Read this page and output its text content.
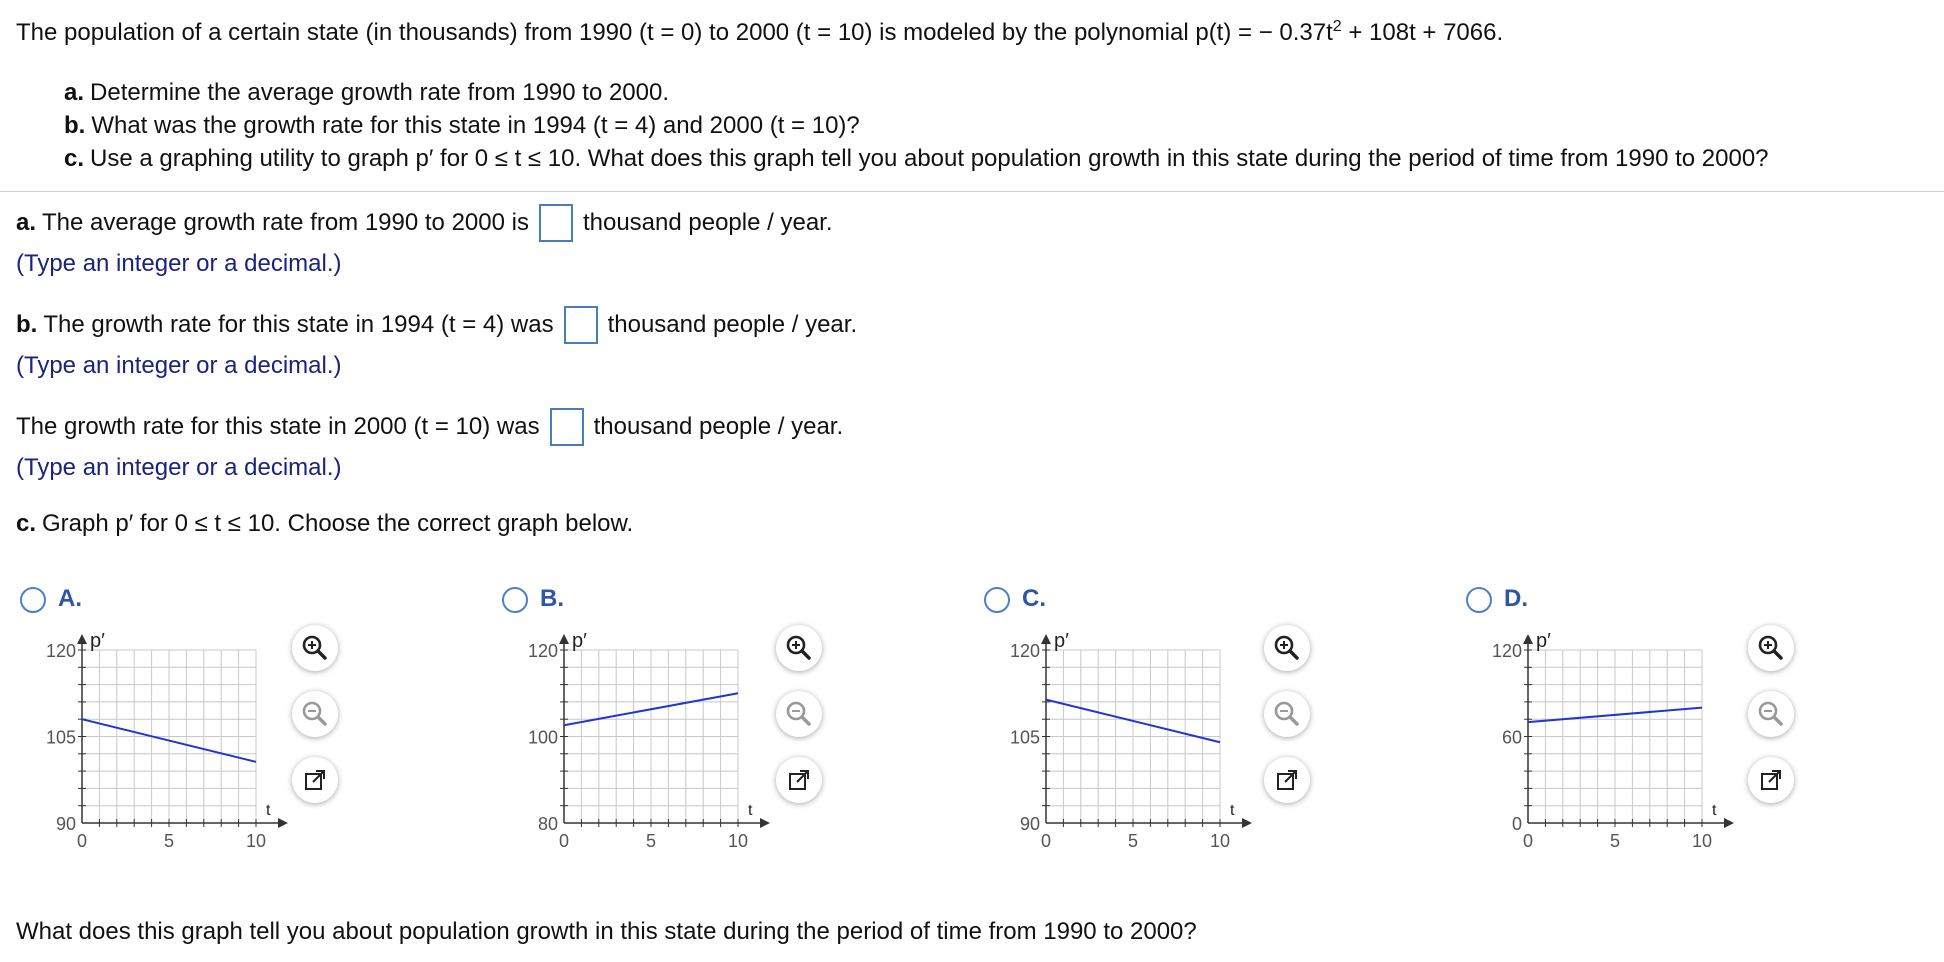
The population of a certain state (in thousands) from 1990 (t = 0) to 2000 (t = 10) is modeled by the polynomial p(t) = − $0.37t^2 + 108t + 7066$.
a. Determine the average growth rate from 1990 to 2000.
b. What was the growth rate for this state in 1994 (t = 4) and 2000 (t = 10)?
c. Use a graphing utility to graph p′ for 0 ≤ t ≤ 10. What does this graph tell you about population growth in this state during the period of time from 1990 to 2000?
a. The average growth rate from 1990 to 2000 is thousand people / year.
(Type an integer or a decimal.)
b. The growth rate for this state in 1994 (t = 4) was thousand people / year.
(Type an integer or a decimal.)
The growth rate for this state in 2000 (t = 10) was thousand people / year.
(Type an integer or a decimal.)
c. Graph p′ for 0 ≤ t ≤ 10. Choose the correct graph below.
A.
90
105
120
0	5	10
p′
t
B.
80
100
120
0	5	10
p′
t
C.
90
105
120
0	5	10
p′
t
D.
0
60
120
0	5	10
p′
t
What does this graph tell you about population growth in this state during the period of time from 1990 to 2000?
